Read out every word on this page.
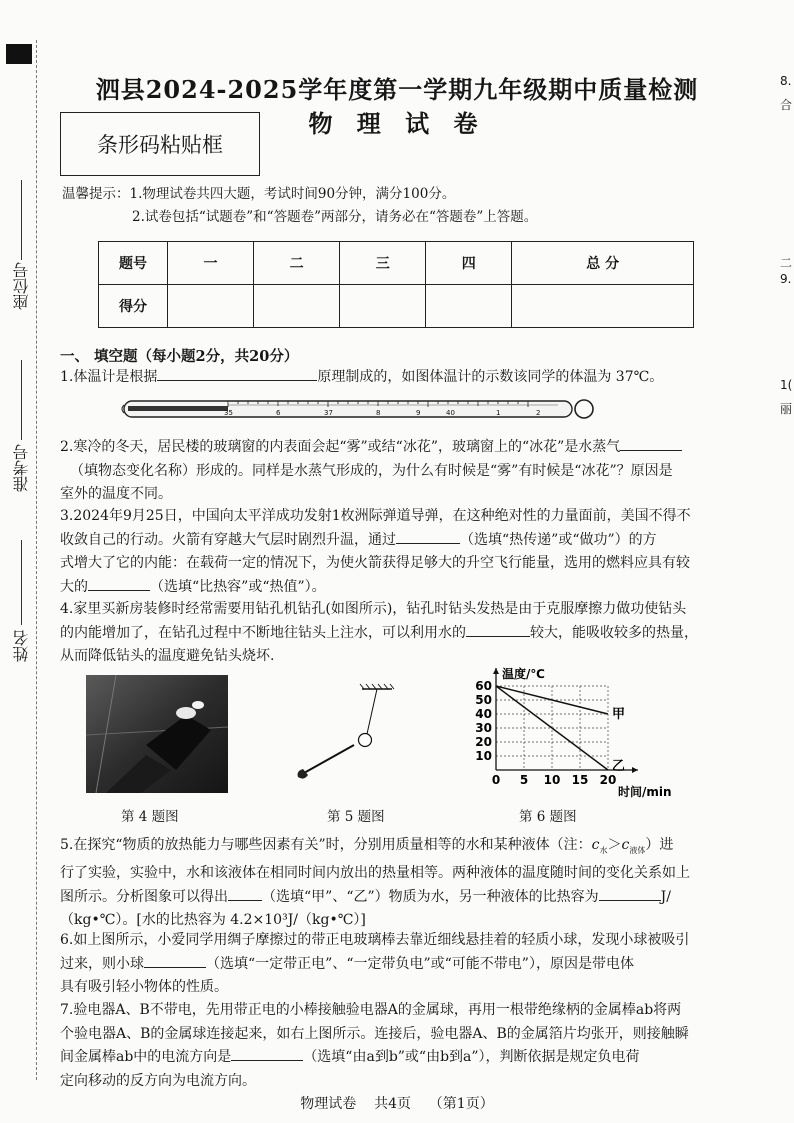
座位号
准考号
姓名
8.
合
二
9.
1(
丽
泗县2024-2025学年度第一学期九年级期中质量检测
物 理 试 卷
条形码粘贴框
温馨提示：1.物理试卷共四大题，考试时间90分钟，满分100分。
2.试卷包括“试题卷”和“答题卷”两部分，请务必在“答题卷”上答题。
题号	一	二	三	四	总 分
得分					
一、 填空题（每小题2分，共20分）
1.体温计是根据	原理制成的，如图体温计的示数该同学的体温为 37℃。
35	6	37	8	9	40	1	2
2.寒冷的冬天，居民楼的玻璃窗的内表面会起“雾”或结“冰花”，玻璃窗上的“冰花”是水蒸气
（填物态变化名称）形成的。同样是水蒸气形成的，为什么有时候是“雾”有时候是“冰花”？原因是
室外的温度不同。
3.2024年9月25日，中国向太平洋成功发射1枚洲际弹道导弹，在这种绝对性的力量面前，美国不得不
收敛自己的行动。火箭有穿越大气层时剧烈升温，通过	（选填“热传递”或“做功”）的方
式增大了它的内能：在载荷一定的情况下，为使火箭获得足够大的升空飞行能量，选用的燃料应具有较
大的	（选填“比热容”或“热值”）。
4.家里买新房装修时经常需要用钻孔机钻孔(如图所示)，钻孔时钻头发热是由于克服摩擦力做功使钻头
的内能增加了，在钻孔过程中不断地往钻头上注水，可以利用水的	较大，能吸收较多的热量，
从而降低钻头的温度避免钻头烧坏.
0 5 10 15 20
10
20
30
40
50
60
温度/℃
时间/min
甲
乙
第 4 题图	第 5 题图	第 6 题图
5.在探究“物质的放热能力与哪些因素有关”时，分别用质量相等的水和某种液体（注：$c_水>c_{液体}$）进
行了实验，实验中，水和该液体在相同时间内放出的热量相等。两种液体的温度随时间的变化关系如上
图所示。分析图象可以得出 （选填“甲”、“乙”）物质为水，另一种液体的比热容为	J/
（kg•℃）。[水的比热容为 4.2×10³J/（kg•℃）]
6.如上图所示，小爱同学用绸子摩擦过的带正电玻璃棒去靠近细线悬挂着的轻质小球，发现小球被吸引
过来，则小球	（选填“一定带正电”、“一定带负电”或“可能不带电”），原因是带电体
具有吸引轻小物体的性质。
7.验电器A、B不带电，先用带正电的小棒接触验电器A的金属球，再用一根带绝缘柄的金属棒ab将两
个验电器A、B的金属球连接起来，如右上图所示。连接后，验电器A、B的金属箔片均张开，则接触瞬
间金属棒ab中的电流方向是	（选填“由a到b”或“由b到a”），判断依据是规定负电荷
定向移动的反方向为电流方向。
物理试卷    共4页    （第1页）
